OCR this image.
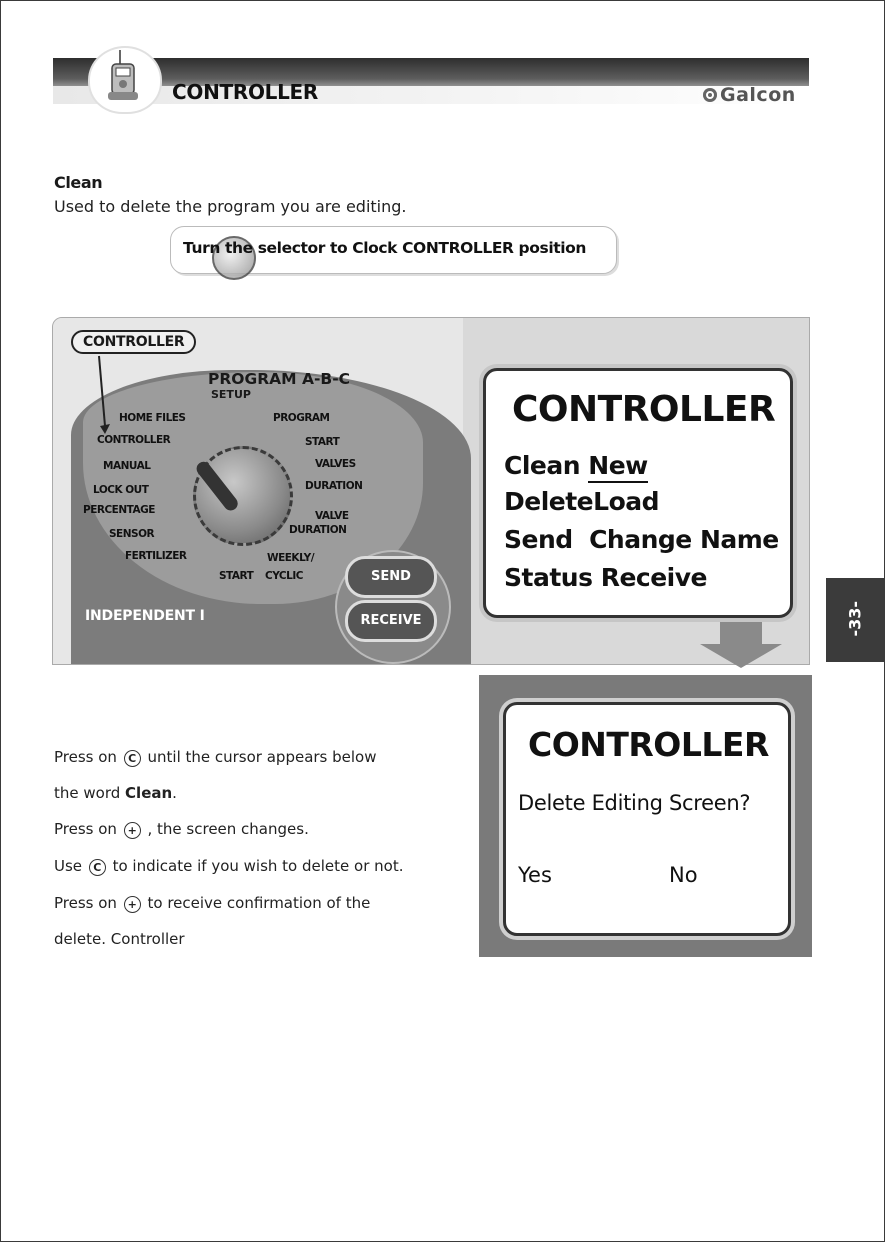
CONTROLLER	Galcon
Clean
Used to delete the program you are editing.
Turn the selector to Clock CONTROLLER position
PROGRAM A-B-C
SETUP
HOME FILES
CONTROLLER
MANUAL
LOCK OUT
PERCENTAGE
SENSOR
FERTILIZER
PROGRAM
START
VALVES
DURATION
VALVE
DURATION
WEEKLY/
CYCLIC
START
CONTROLLER
INDEPENDENT I
SEND
RECEIVE
CONTROLLER
Clean New
DeleteLoad
Send Change Name
Status Receive
-33-
CONTROLLER
Delete Editing Screen?
Yes	No
Press on C until the cursor appears below
the word Clean.
Press on + , the screen changes.
Use C to indicate if you wish to delete or not.
Press on + to receive confirmation of the
delete. Controller
